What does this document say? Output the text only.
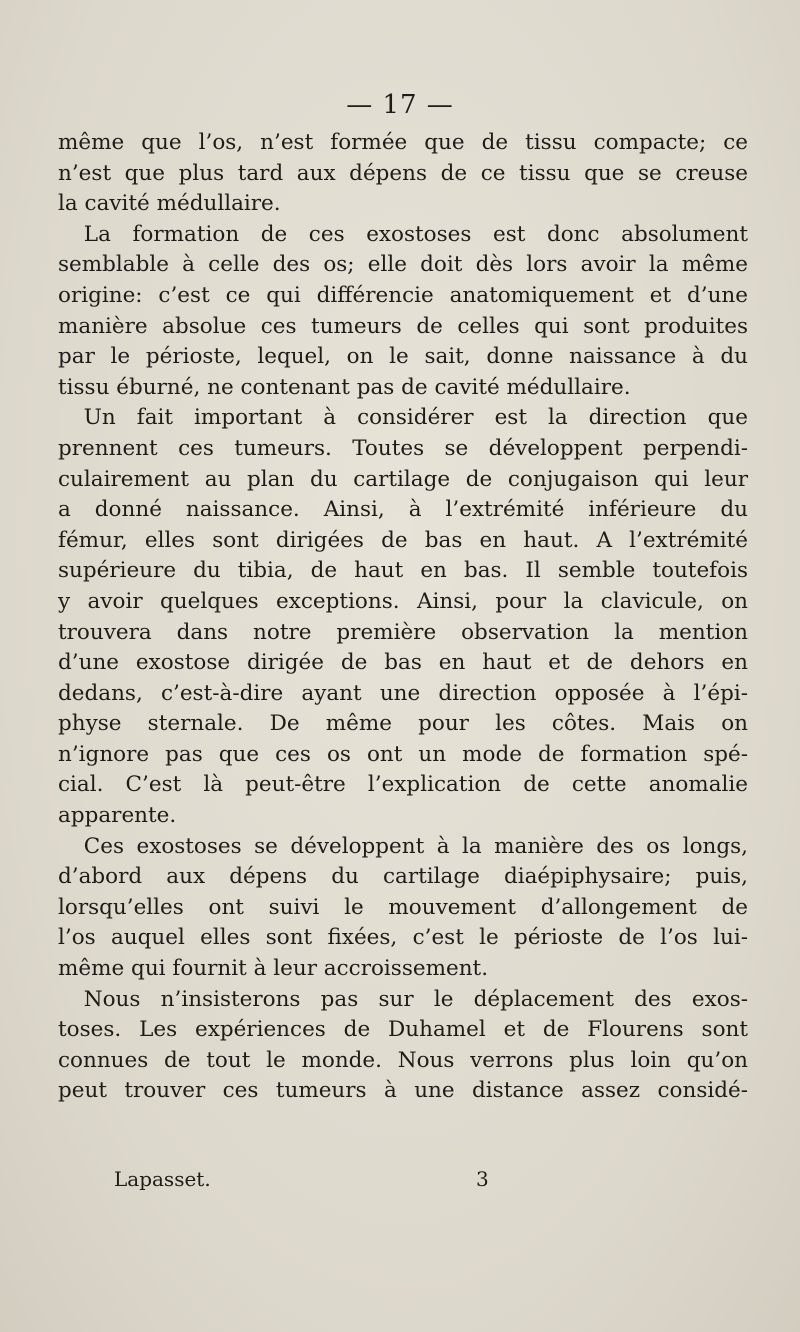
— 17 —
même que l’os, n’est formée que de tissu compacte; ce
n’est que plus tard aux dépens de ce tissu que se creuse
la cavité médullaire.
La formation de ces exostoses est donc absolument
semblable à celle des os; elle doit dès lors avoir la même
origine: c’est ce qui différencie anatomiquement et d’une
manière absolue ces tumeurs de celles qui sont produites
par le périoste, lequel, on le sait, donne naissance à du
tissu éburné, ne contenant pas de cavité médullaire.
Un fait important à considérer est la direction que
prennent ces tumeurs. Toutes se développent perpendi-
culairement au plan du cartilage de conjugaison qui leur
a donné naissance. Ainsi, à l’extrémité inférieure du
fémur, elles sont dirigées de bas en haut. A l’extrémité
supérieure du tibia, de haut en bas. Il semble toutefois
y avoir quelques exceptions. Ainsi, pour la clavicule, on
trouvera dans notre première observation la mention
d’une exostose dirigée de bas en haut et de dehors en
dedans, c’est-à-dire ayant une direction opposée à l’épi-
physe sternale. De même pour les côtes. Mais on
n’ignore pas que ces os ont un mode de formation spé-
cial. C’est là peut-être l’explication de cette anomalie
apparente.
Ces exostoses se développent à la manière des os longs,
d’abord aux dépens du cartilage diaépiphysaire; puis,
lorsqu’elles ont suivi le mouvement d’allongement de
l’os auquel elles sont fixées, c’est le périoste de l’os lui-
même qui fournit à leur accroissement.
Nous n’insisterons pas sur le déplacement des exos-
toses. Les expériences de Duhamel et de Flourens sont
connues de tout le monde. Nous verrons plus loin qu’on
peut trouver ces tumeurs à une distance assez considé-
Lapasset.	3
